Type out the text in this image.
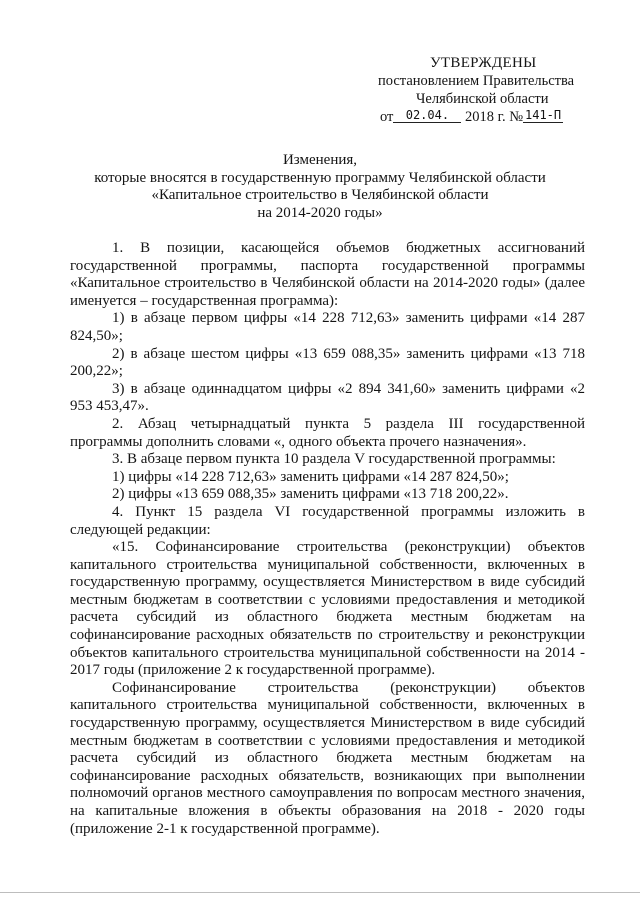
УТВЕРЖДЕНЫ
постановлением Правительства
Челябинской области
от 02.04. 2018 г. № 141-П
Изменения,
которые вносятся в государственную программу Челябинской области
«Капитальное строительство в Челябинской области
на 2014-2020 годы»

1. В позиции, касающейся объемов бюджетных ассигнований государственной программы, паспорта государственной программы «Капитальное строительство в Челябинской области на 2014-2020 годы» (далее именуется – государственная программа):

1) в абзаце первом цифры «14 228 712,63» заменить цифрами «14 287 824,50»;

2) в абзаце шестом цифры «13 659 088,35» заменить цифрами «13 718 200,22»;

3) в абзаце одиннадцатом цифры «2 894 341,60» заменить цифрами «2 953 453,47».

2. Абзац четырнадцатый пункта 5 раздела III государственной программы дополнить словами «, одного объекта прочего назначения».

3. В абзаце первом пункта 10 раздела V государственной программы:

1) цифры «14 228 712,63» заменить цифрами «14 287 824,50»;

2) цифры «13 659 088,35» заменить цифрами «13 718 200,22».

4. Пункт 15 раздела VI государственной программы изложить в следующей редакции:

«15. Софинансирование строительства (реконструкции) объектов капитального строительства муниципальной собственности, включенных в государственную программу, осуществляется Министерством в виде субсидий местным бюджетам в соответствии с условиями предоставления и методикой расчета субсидий из областного бюджета местным бюджетам на софинансирование расходных обязательств по строительству и реконструкции объектов капитального строительства муниципальной собственности на 2014 - 2017 годы (приложение 2 к государственной программе).

Софинансирование строительства (реконструкции) объектов капитального строительства муниципальной собственности, включенных в государственную программу, осуществляется Министерством в виде субсидий местным бюджетам в соответствии с условиями предоставления и методикой расчета субсидий из областного бюджета местным бюджетам на софинансирование расходных обязательств, возникающих при выполнении полномочий органов местного самоуправления по вопросам местного значения, на капитальные вложения в объекты образования на 2018 - 2020 годы (приложение 2-1 к государственной программе).
